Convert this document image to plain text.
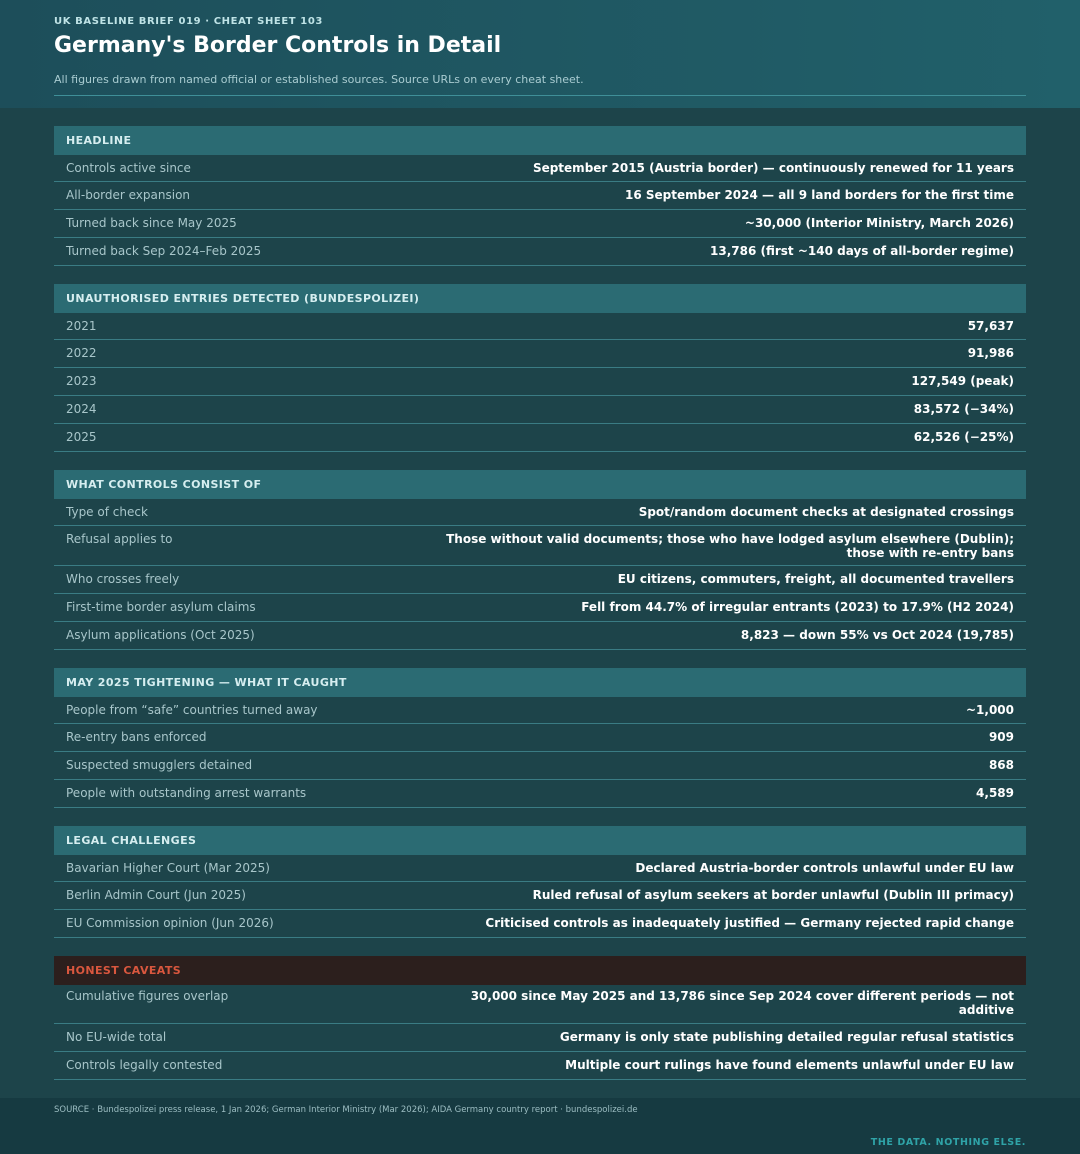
UK BASELINE BRIEF 019 · CHEAT SHEET 103
Germany's Border Controls in Detail
All figures drawn from named official or established sources. Source URLs on every cheat sheet.
HEADLINE
Controls active since	September 2015 (Austria border) — continuously renewed for 11 years
All-border expansion	16 September 2024 — all 9 land borders for the first time
Turned back since May 2025	~30,000 (Interior Ministry, March 2026)
Turned back Sep 2024–Feb 2025	13,786 (first ~140 days of all-border regime)
UNAUTHORISED ENTRIES DETECTED (BUNDESPOLIZEI)
2021	57,637
2022	91,986
2023	127,549 (peak)
2024	83,572 (−34%)
2025	62,526 (−25%)
WHAT CONTROLS CONSIST OF
Type of check	Spot/random document checks at designated crossings
Refusal applies to	Those without valid documents; those who have lodged asylum elsewhere (Dublin); those with re-entry bans
Who crosses freely	EU citizens, commuters, freight, all documented travellers
First-time border asylum claims	Fell from 44.7% of irregular entrants (2023) to 17.9% (H2 2024)
Asylum applications (Oct 2025)	8,823 — down 55% vs Oct 2024 (19,785)
MAY 2025 TIGHTENING — WHAT IT CAUGHT
People from “safe” countries turned away	~1,000
Re-entry bans enforced	909
Suspected smugglers detained	868
People with outstanding arrest warrants	4,589
LEGAL CHALLENGES
Bavarian Higher Court (Mar 2025)	Declared Austria-border controls unlawful under EU law
Berlin Admin Court (Jun 2025)	Ruled refusal of asylum seekers at border unlawful (Dublin III primacy)
EU Commission opinion (Jun 2026)	Criticised controls as inadequately justified — Germany rejected rapid change
HONEST CAVEATS
Cumulative figures overlap	30,000 since May 2025 and 13,786 since Sep 2024 cover different periods — not additive
No EU-wide total	Germany is only state publishing detailed regular refusal statistics
Controls legally contested	Multiple court rulings have found elements unlawful under EU law
SOURCE · Bundespolizei press release, 1 Jan 2026; German Interior Ministry (Mar 2026); AIDA Germany country report · bundespolizei.de
THE DATA. NOTHING ELSE.
